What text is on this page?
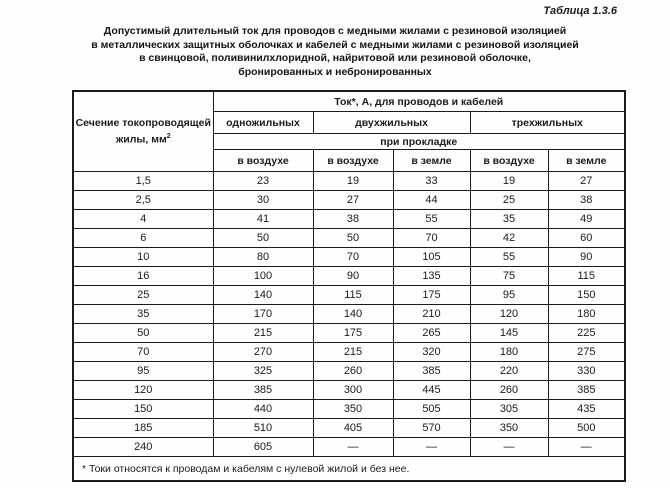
Таблица 1.3.6
Допустимый длительный ток для проводов с медными жилами с резиновой изоляцией
в металлических защитных оболочках и кабелей с медными жилами с резиновой изоляцией
в свинцовой, поливинилхлоридной, найритовой или резиновой оболочке,
бронированных и небронированных
Сечение токопроводящей
жилы, $мм^2$	Ток*, А, для проводов и кабелей				
	одножильных	двухжильных		трехжильных	
	при прокладке				
	в воздухе	в воздухе	в земле	в воздухе	в земле
1,5	23	19	33	19	27
2,5	30	27	44	25	38
4	41	38	55	35	49
6	50	50	70	42	60
10	80	70	105	55	90
16	100	90	135	75	115
25	140	115	175	95	150
35	170	140	210	120	180
50	215	175	265	145	225
70	270	215	320	180	275
95	325	260	385	220	330
120	385	300	445	260	385
150	440	350	505	305	435
185	510	405	570	350	500
240	605	—	—	—	—
* Токи относятся к проводам и кабелям с нулевой жилой и без нее.					
